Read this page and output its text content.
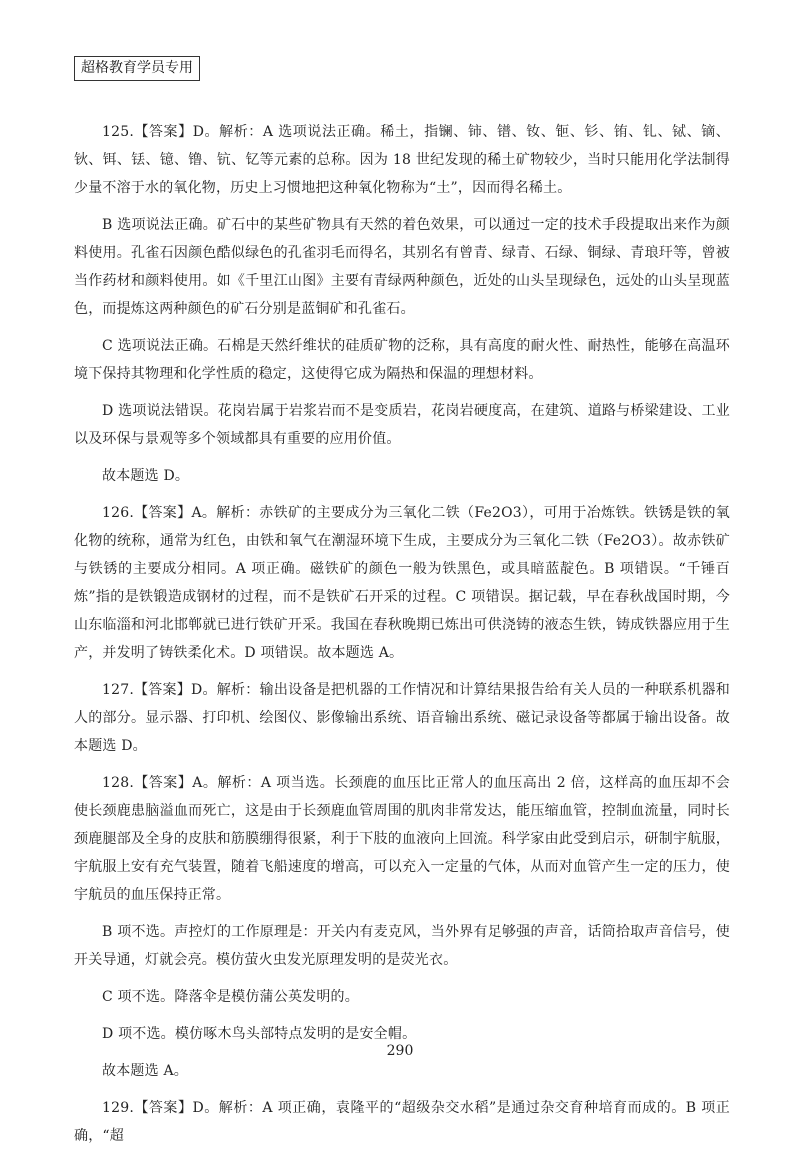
超格教育学员专用

125.【答案】D。解析：A 选项说法正确。稀土，指镧、铈、镨、钕、钷、钐、铕、钆、铽、镝、钬、铒、铥、镱、镥、钪、钇等元素的总称。因为 18 世纪发现的稀土矿物较少，当时只能用化学法制得少量不溶于水的氧化物，历史上习惯地把这种氧化物称为“土”，因而得名稀土。

B 选项说法正确。矿石中的某些矿物具有天然的着色效果，可以通过一定的技术手段提取出来作为颜料使用。孔雀石因颜色酷似绿色的孔雀羽毛而得名，其别名有曾青、绿青、石绿、铜绿、青琅玕等，曾被当作药材和颜料使用。如《千里江山图》主要有青绿两种颜色，近处的山头呈现绿色，远处的山头呈现蓝色，而提炼这两种颜色的矿石分别是蓝铜矿和孔雀石。

C 选项说法正确。石棉是天然纤维状的硅质矿物的泛称，具有高度的耐火性、耐热性，能够在高温环境下保持其物理和化学性质的稳定，这使得它成为隔热和保温的理想材料。

D 选项说法错误。花岗岩属于岩浆岩而不是变质岩，花岗岩硬度高，在建筑、道路与桥梁建设、工业以及环保与景观等多个领域都具有重要的应用价值。

故本题选 D。

126.【答案】A。解析：赤铁矿的主要成分为三氧化二铁（Fe2O3），可用于冶炼铁。铁锈是铁的氧化物的统称，通常为红色，由铁和氧气在潮湿环境下生成，主要成分为三氧化二铁（Fe2O3）。故赤铁矿与铁锈的主要成分相同。A 项正确。磁铁矿的颜色一般为铁黑色，或具暗蓝靛色。B 项错误。“千锤百炼”指的是铁锻造成钢材的过程，而不是铁矿石开采的过程。C 项错误。据记载，早在春秋战国时期，今山东临淄和河北邯郸就已进行铁矿开采。我国在春秋晚期已炼出可供浇铸的液态生铁，铸成铁器应用于生产，并发明了铸铁柔化术。D 项错误。故本题选 A。

127.【答案】D。解析：输出设备是把机器的工作情况和计算结果报告给有关人员的一种联系机器和人的部分。显示器、打印机、绘图仪、影像输出系统、语音输出系统、磁记录设备等都属于输出设备。故本题选 D。

128.【答案】A。解析：A 项当选。长颈鹿的血压比正常人的血压高出 2 倍，这样高的血压却不会使长颈鹿患脑溢血而死亡，这是由于长颈鹿血管周围的肌肉非常发达，能压缩血管，控制血流量，同时长颈鹿腿部及全身的皮肤和筋膜绷得很紧，利于下肢的血液向上回流。科学家由此受到启示，研制宇航服，宇航服上安有充气装置，随着飞船速度的增高，可以充入一定量的气体，从而对血管产生一定的压力，使宇航员的血压保持正常。

B 项不选。声控灯的工作原理是：开关内有麦克风，当外界有足够强的声音，话筒拾取声音信号，使开关导通，灯就会亮。模仿萤火虫发光原理发明的是荧光衣。

C 项不选。降落伞是模仿蒲公英发明的。

D 项不选。模仿啄木鸟头部特点发明的是安全帽。

故本题选 A。

129.【答案】D。解析：A 项正确，袁隆平的“超级杂交水稻”是通过杂交育种培育而成的。B 项正确，“超

290
